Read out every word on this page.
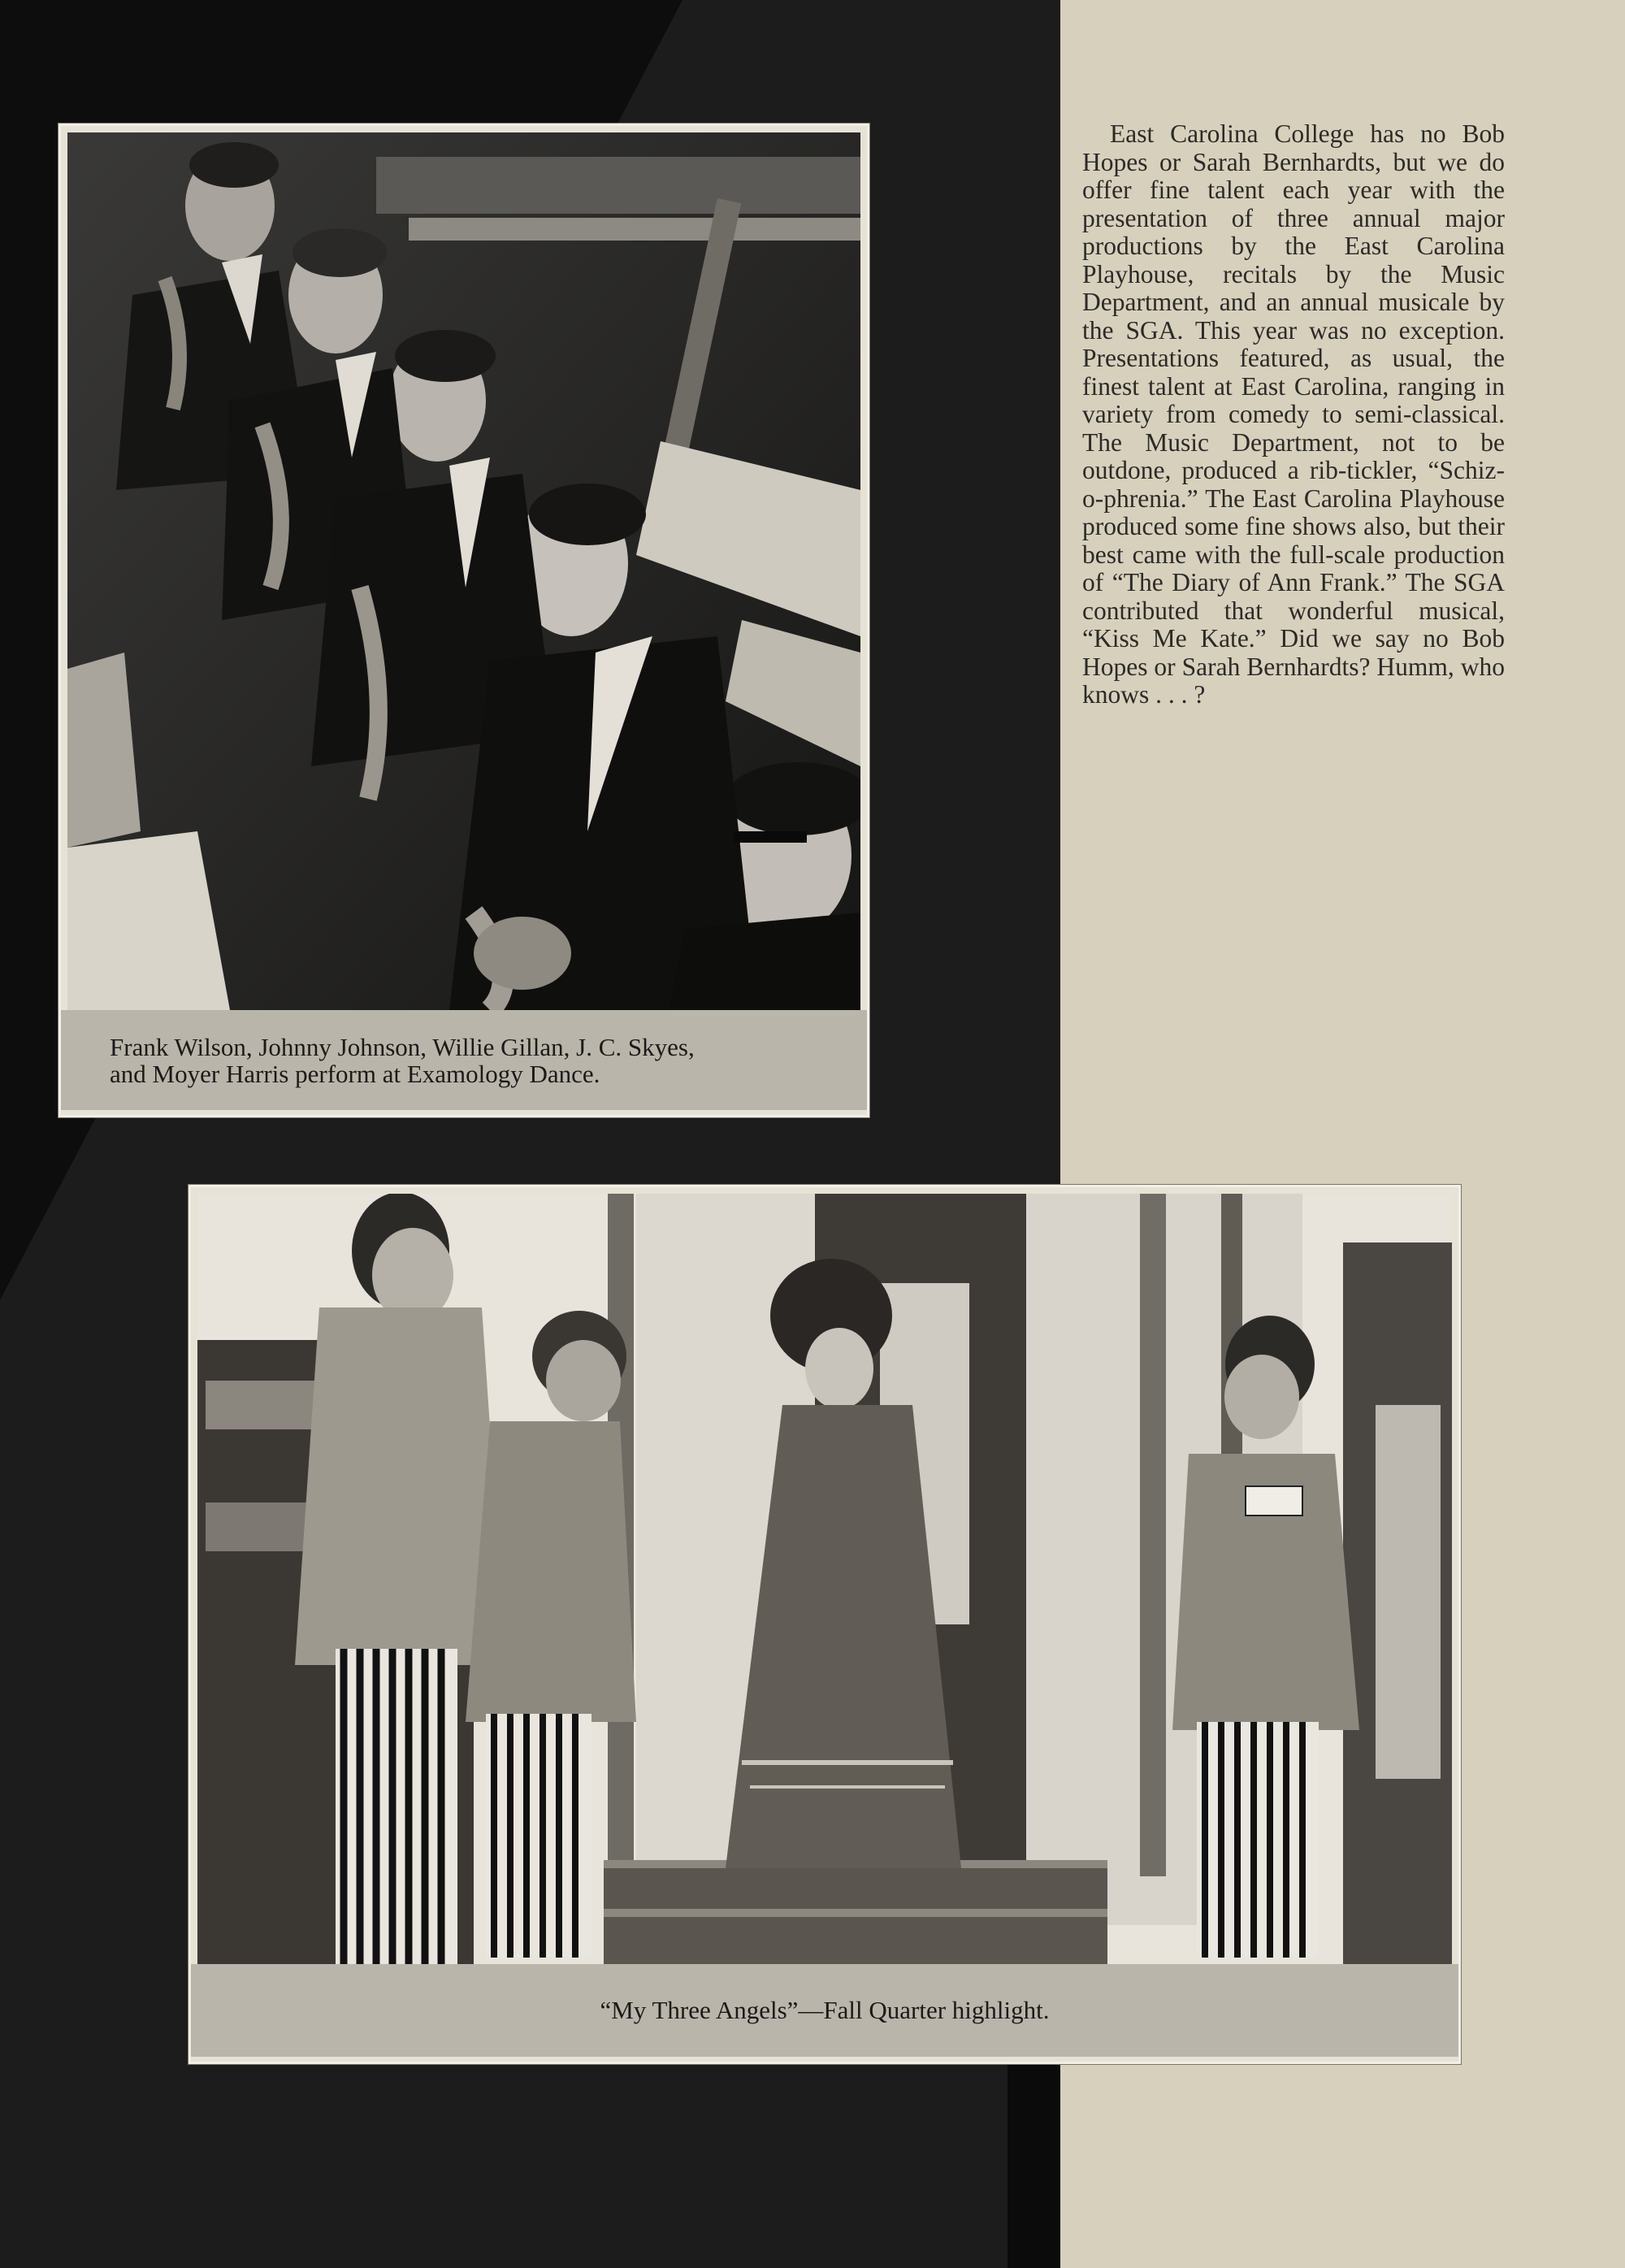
Frank Wilson, Johnny Johnson, Willie Gillan, J. C. Skyes,
and Moyer Harris perform at Examology Dance.

East Carolina College has no Bob Hopes or Sarah Bernhardts, but we do offer fine talent each year with the presentation of three annual major productions by the East Carolina Playhouse, recitals by the Music Department, and an annual musicale by the SGA. This year was no exception. Presentations featured, as usual, the finest talent at East Carolina, ranging in variety from comedy to semi-classical. The Music Department, not to be outdone, produced a rib-tickler, “Schiz-o-phrenia.” The East Carolina Playhouse produced some fine shows also, but their best came with the full-scale production of “The Diary of Ann Frank.” The SGA contributed that wonderful musical, “Kiss Me Kate.” Did we say no Bob Hopes or Sarah Bernhardts? Humm, who knows . . . ?

“My Three Angels”—Fall Quarter highlight.
